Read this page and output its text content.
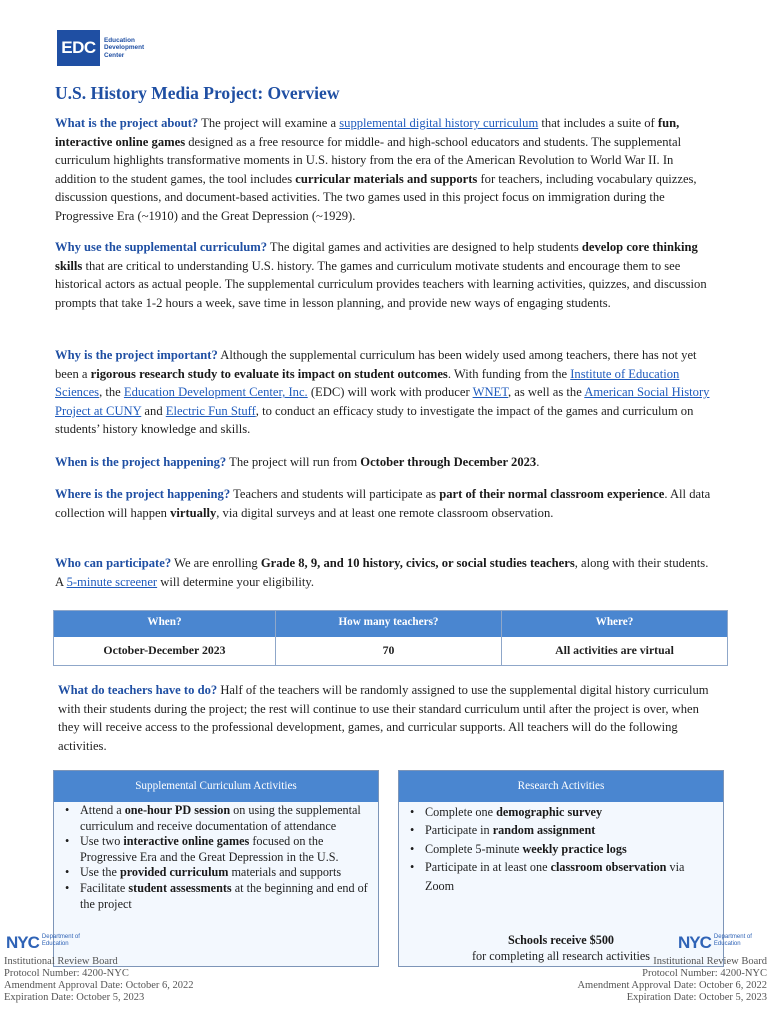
EDC	Education
Development
Center
U.S. History Media Project: Overview

What is the project about? The project will examine a supplemental digital history curriculum that includes a suite of fun, interactive online games designed as a free resource for middle- and high-school educators and students. The supplemental curriculum highlights transformative moments in U.S. history from the era of the American Revolution to World War II. In addition to the student games, the tool includes curricular materials and supports for teachers, including vocabulary quizzes, discussion questions, and document-based activities. The two games used in this project focus on immigration during the Progressive Era (~1910) and the Great Depression (~1929).

Why use the supplemental curriculum? The digital games and activities are designed to help students develop core thinking skills that are critical to understanding U.S. history. The games and curriculum motivate students and encourage them to see historical actors as actual people. The supplemental curriculum provides teachers with learning activities, quizzes, and discussion prompts that take 1-2 hours a week, save time in lesson planning, and provide new ways of engaging students.

Why is the project important? Although the supplemental curriculum has been widely used among teachers, there has not yet been a rigorous research study to evaluate its impact on student outcomes. With funding from the Institute of Education Sciences, the Education Development Center, Inc. (EDC) will work with producer WNET, as well as the American Social History Project at CUNY and Electric Fun Stuff, to conduct an efficacy study to investigate the impact of the games and curriculum on students’ history knowledge and skills.

When is the project happening? The project will run from October through December 2023.

Where is the project happening? Teachers and students will participate as part of their normal classroom experience. All data collection will happen virtually, via digital surveys and at least one remote classroom observation.

Who can participate? We are enrolling Grade 8, 9, and 10 history, civics, or social studies teachers, along with their students. A 5-minute screener will determine your eligibility.

When?	How many teachers?	Where?
October-December 2023	70	All activities are virtual

What do teachers have to do? Half of the teachers will be randomly assigned to use the supplemental digital history curriculum with their students during the project; the rest will continue to use their standard curriculum until after the project is over, when they will receive access to the professional development, games, and curricular supports. All teachers will do the following activities.

Supplemental Curriculum Activities
• Attend a one-hour PD session on using the supplemental curriculum and receive documentation of attendance
• Use two interactive online games focused on the Progressive Era and the Great Depression in the U.S.
• Use the provided curriculum materials and supports
• Facilitate student assessments at the beginning and end of the project
Research Activities
• Complete one demographic survey
• Participate in random assignment
• Complete 5-minute weekly practice logs
• Participate in at least one classroom observation via Zoom
Schools receive $500
for completing all research activities
NYC Department of
Education	NYC Department of
Education
Institutional Review Board
Protocol Number: 4200-NYC
Amendment Approval Date: October 6, 2022
Expiration Date: October 5, 2023
Institutional Review Board
Protocol Number: 4200-NYC
Amendment Approval Date: October 6, 2022
Expiration Date: October 5, 2023
